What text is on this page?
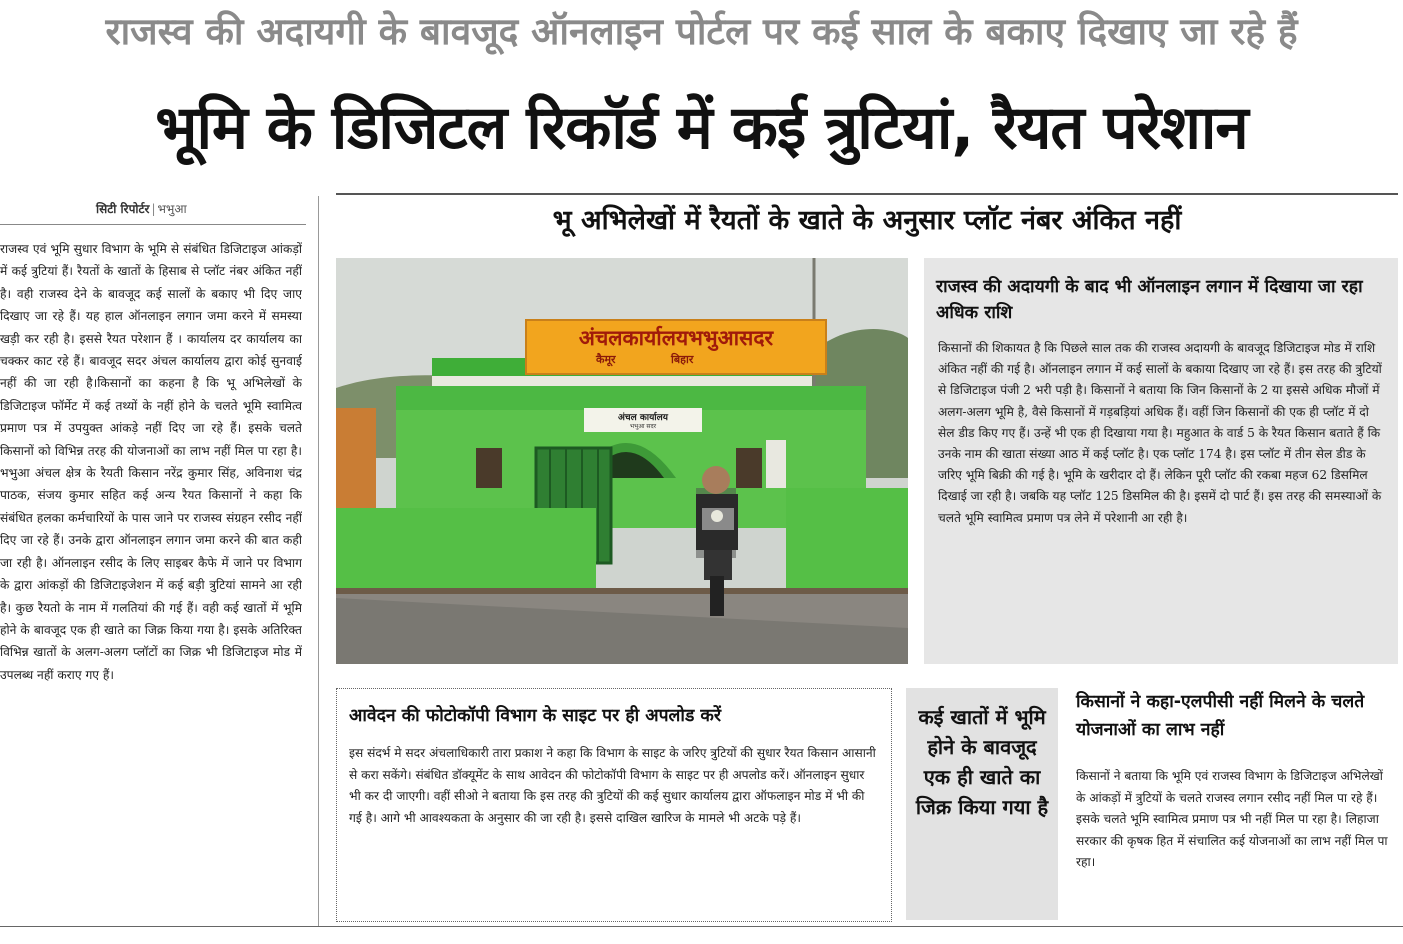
राजस्व की अदायगी के बावजूद ऑनलाइन पोर्टल पर कई साल के बकाए दिखाए जा रहे हैं
भूमि के डिजिटल रिकॉर्ड में कई त्रुटियां, रैयत परेशान
सिटी रिपोर्टर | भभुआ
राजस्व एवं भूमि सुधार विभाग के भूमि से संबंधित डिजिटाइज आंकड़ों में कई त्रुटियां हैं। रैयतों के खातों के हिसाब से प्लॉट नंबर अंकित नहीं है। वही राजस्व देने के बावजूद कई सालों के बकाए भी दिए जाए दिखाए जा रहे हैं। यह हाल ऑनलाइन लगान जमा करने में समस्या खड़ी कर रही है। इससे रैयत परेशान हैं । कार्यालय दर कार्यालय का चक्कर काट रहे हैं। बावजूद सदर अंचल कार्यालय द्वारा कोई सुनवाई नहीं की जा रही है।किसानों का कहना है कि भू अभिलेखों के डिजिटाइज फॉर्मेट में कई तथ्यों के नहीं होने के चलते भूमि स्वामित्व प्रमाण पत्र में उपयुक्त आंकड़े नहीं दिए जा रहे हैं। इसके चलते किसानों को विभिन्न तरह की योजनाओं का लाभ नहीं मिल पा रहा है। भभुआ अंचल क्षेत्र के रैयती किसान नरेंद्र कुमार सिंह, अविनाश चंद्र पाठक, संजय कुमार सहित कई अन्य रैयत किसानों ने कहा कि संबंधित हलका कर्मचारियों के पास जाने पर राजस्व संग्रहन रसीद नहीं दिए जा रहे हैं। उनके द्वारा ऑनलाइन लगान जमा करने की बात कही जा रही है। ऑनलाइन रसीद के लिए साइबर कैफे में जाने पर विभाग के द्वारा आंकड़ों की डिजिटाइजेशन में कई बड़ी त्रुटियां सामने आ रही है। कुछ रैयतो के नाम में गलतियां की गई हैं। वही कई खातों में भूमि होने के बावजूद एक ही खाते का जिक्र किया गया है। इसके अतिरिक्त विभिन्न खातों के अलग-अलग प्लॉटों का जिक्र भी डिजिटाइज मोड में उपलब्ध नहीं कराए गए हैं।
भू अभिलेखों में रैयतों के खाते के अनुसार प्लॉट नंबर अंकित नहीं
अंचलकार्यालयभभुआसदर
कैमूर	बिहार
अंचल कार्यालय
भभुआ सदर
राजस्व की अदायगी के बाद भी ऑनलाइन लगान में दिखाया जा रहा अधिक राशि

किसानों की शिकायत है कि पिछले साल तक की राजस्व अदायगी के बावजूद डिजिटाइज मोड में राशि अंकित नहीं की गई है। ऑनलाइन लगान में कई सालों के बकाया दिखाए जा रहे हैं। इस तरह की त्रुटियों से डिजिटाइज पंजी 2 भरी पड़ी है। किसानों ने बताया कि जिन किसानों के 2 या इससे अधिक मौजों में अलग-अलग भूमि है, वैसे किसानों में गड़बड़ियां अधिक हैं। वहीं जिन किसानों की एक ही प्लॉट में दो सेल डीड किए गए हैं। उन्हें भी एक ही दिखाया गया है। महुआत के वार्ड 5 के रैयत किसान बताते हैं कि उनके नाम की खाता संख्या आठ में कई प्लॉट है। एक प्लॉट 174 है। इस प्लॉट में तीन सेल डीड के जरिए भूमि बिक्री की गई है। भूमि के खरीदार दो हैं। लेकिन पूरी प्लॉट की रकबा महज 62 डिसमिल दिखाई जा रही है। जबकि यह प्लॉट 125 डिसमिल की है। इसमें दो पार्ट हैं। इस तरह की समस्याओं के चलते भूमि स्वामित्व प्रमाण पत्र लेने में परेशानी आ रही है।

आवेदन की फोटोकॉपी विभाग के साइट पर ही अपलोड करें

इस संदर्भ मे सदर अंचलाधिकारी तारा प्रकाश ने कहा कि विभाग के साइट के जरिए त्रुटियों की सुधार रैयत किसान आसानी से करा सकेंगे। संबंधित डॉक्यूमेंट के साथ आवेदन की फोटोकॉपी विभाग के साइट पर ही अपलोड करें। ऑनलाइन सुधार भी कर दी जाएगी। वहीं सीओ ने बताया कि इस तरह की त्रुटियों की कई सुधार कार्यालय द्वारा ऑफलाइन मोड में भी की गई है। आगे भी आवश्यकता के अनुसार की जा रही है। इससे दाखिल खारिज के मामले भी अटके पड़े हैं।

कई खातों में भूमि होने के बावजूद एक ही खाते का जिक्र किया गया है
किसानों ने कहा-एलपीसी नहीं मिलने के चलते योजनाओं का लाभ नहीं

किसानों ने बताया कि भूमि एवं राजस्व विभाग के डिजिटाइज अभिलेखों के आंकड़ों में त्रुटियों के चलते राजस्व लगान रसीद नहीं मिल पा रहे हैं। इसके चलते भूमि स्वामित्व प्रमाण पत्र भी नहीं मिल पा रहा है। लिहाजा सरकार की कृषक हित में संचालित कई योजनाओं का लाभ नहीं मिल पा रहा।
